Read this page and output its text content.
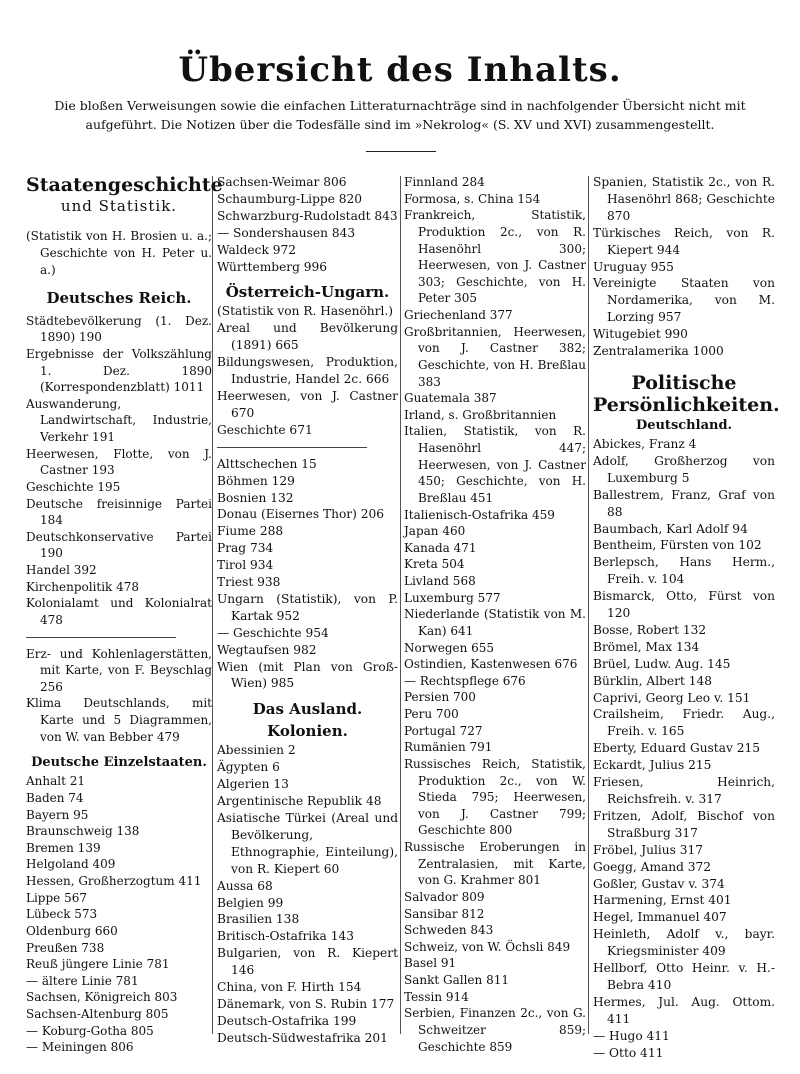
Übersicht des Inhalts.
Die bloßen Verweisungen sowie die einfachen Litteraturnachträge sind in nachfolgender Übersicht nicht mit aufgeführt. Die Notizen über die Todesfälle sind im »Nekrolog« (S. XV und XVI) zusammengestellt.
Staatengeschichte
und Statistik.
(Statistik von H. Brosien u. a.; Geschichte von H. Peter u. a.)
Deutsches Reich.
Städtebevölkerung (1. Dez. 1890) 190
Ergebnisse der Volkszählung 1. Dez. 1890 (Korrespondenzblatt) 1011
Auswanderung, Landwirtschaft, Industrie, Verkehr 191
Heerwesen, Flotte, von J. Castner 193
Geschichte 195
Deutsche freisinnige Partei 184
Deutschkonservative Partei 190
Handel 392
Kirchenpolitik 478
Kolonialamt und Kolonialrat 478
Erz- und Kohlenlagerstätten, mit Karte, von F. Beyschlag 256
Klima Deutschlands, mit Karte und 5 Diagrammen, von W. van Bebber 479
Deutsche Einzelstaaten.
Anhalt 21
Baden 74
Bayern 95
Braunschweig 138
Bremen 139
Helgoland 409
Hessen, Großherzogtum 411
Lippe 567
Lübeck 573
Oldenburg 660
Preußen 738
Reuß jüngere Linie 781
— ältere Linie 781
Sachsen, Königreich 803
Sachsen-Altenburg 805
— Koburg-Gotha 805
— Meiningen 806
Sachsen-Weimar 806
Schaumburg-Lippe 820
Schwarzburg-Rudolstadt 843
— Sondershausen 843
Waldeck 972
Württemberg 996
Österreich-Ungarn.
(Statistik von R. Hasenöhrl.)
Areal und Bevölkerung (1891) 665
Bildungswesen, Produktion, Industrie, Handel 2c. 666
Heerwesen, von J. Castner 670
Geschichte 671
Alttschechen 15
Böhmen 129
Bosnien 132
Donau (Eisernes Thor) 206
Fiume 288
Prag 734
Tirol 934
Triest 938
Ungarn (Statistik), von P. Kartak 952
— Geschichte 954
Wegtaufsen 982
Wien (mit Plan von Groß-Wien) 985
Das Ausland. Kolonien.
Abessinien 2
Ägypten 6
Algerien 13
Argentinische Republik 48
Asiatische Türkei (Areal und Bevölkerung, Ethnographie, Einteilung), von R. Kiepert 60
Aussa 68
Belgien 99
Brasilien 138
Britisch-Ostafrika 143
Bulgarien, von R. Kiepert 146
China, von F. Hirth 154
Dänemark, von S. Rubin 177
Deutsch-Ostafrika 199
Deutsch-Südwestafrika 201
Finnland 284
Formosa, s. China 154
Frankreich, Statistik, Produktion 2c., von R. Hasenöhrl 300; Heerwesen, von J. Castner 303; Geschichte, von H. Peter 305
Griechenland 377
Großbritannien, Heerwesen, von J. Castner 382; Geschichte, von H. Breßlau 383
Guatemala 387
Irland, s. Großbritannien
Italien, Statistik, von R. Hasenöhrl 447; Heerwesen, von J. Castner 450; Geschichte, von H. Breßlau 451
Italienisch-Ostafrika 459
Japan 460
Kanada 471
Kreta 504
Livland 568
Luxemburg 577
Niederlande (Statistik von M. Kan) 641
Norwegen 655
Ostindien, Kastenwesen 676
— Rechtspflege 676
Persien 700
Peru 700
Portugal 727
Rumänien 791
Russisches Reich, Statistik, Produktion 2c., von W. Stieda 795; Heerwesen, von J. Castner 799; Geschichte 800
Russische Eroberungen in Zentralasien, mit Karte, von G. Krahmer 801
Salvador 809
Sansibar 812
Schweden 843
Schweiz, von W. Öchsli 849
Basel 91
Sankt Gallen 811
Tessin 914
Serbien, Finanzen 2c., von G. Schweitzer 859; Geschichte 859
Spanien, Statistik 2c., von R. Hasenöhrl 868; Geschichte 870
Türkisches Reich, von R. Kiepert 944
Uruguay 955
Vereinigte Staaten von Nordamerika, von M. Lorzing 957
Witugebiet 990
Zentralamerika 1000
Politische Persönlichkeiten.
Deutschland.
Abickes, Franz 4
Adolf, Großherzog von Luxemburg 5
Ballestrem, Franz, Graf von 88
Baumbach, Karl Adolf 94
Bentheim, Fürsten von 102
Berlepsch, Hans Herm., Freih. v. 104
Bismarck, Otto, Fürst von 120
Bosse, Robert 132
Brömel, Max 134
Brüel, Ludw. Aug. 145
Bürklin, Albert 148
Caprivi, Georg Leo v. 151
Crailsheim, Friedr. Aug., Freih. v. 165
Eberty, Eduard Gustav 215
Eckardt, Julius 215
Friesen, Heinrich, Reichsfreih. v. 317
Fritzen, Adolf, Bischof von Straßburg 317
Fröbel, Julius 317
Goegg, Amand 372
Goßler, Gustav v. 374
Harmening, Ernst 401
Hegel, Immanuel 407
Heinleth, Adolf v., bayr. Kriegsminister 409
Hellborf, Otto Heinr. v. H.-Bebra 410
Hermes, Jul. Aug. Ottom. 411
— Hugo 411
— Otto 411
